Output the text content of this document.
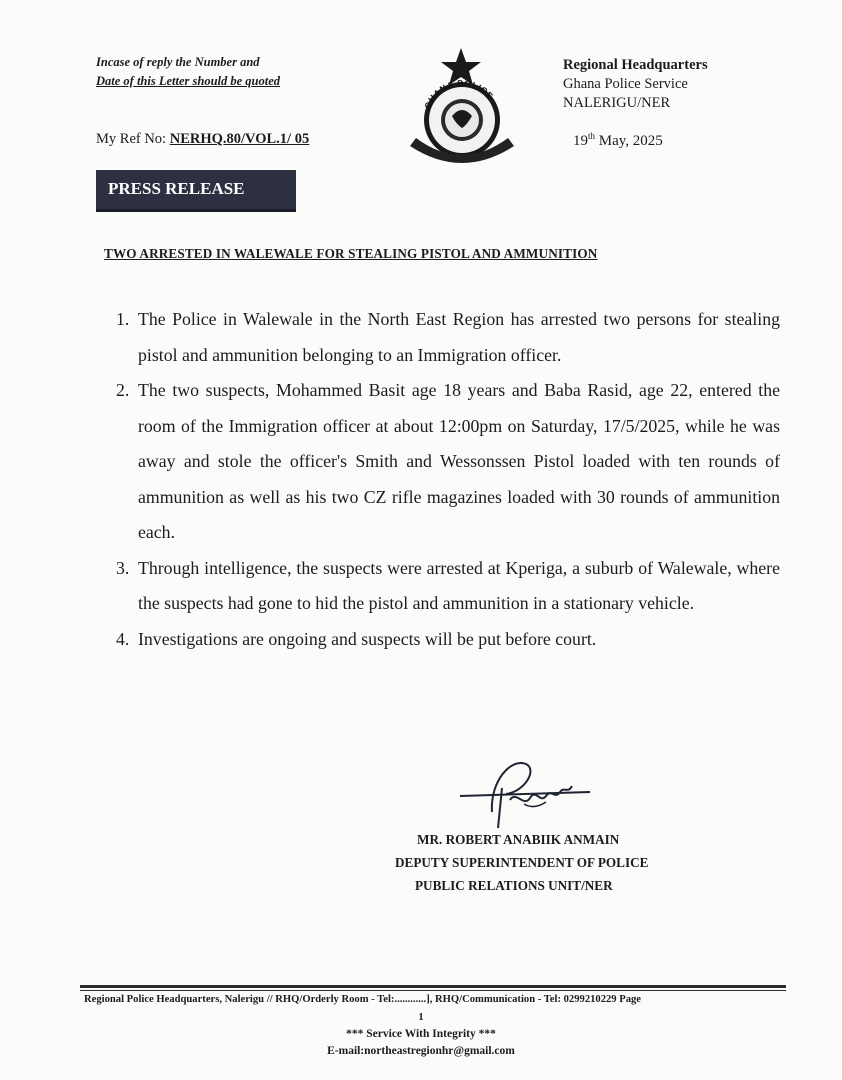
Incase of reply the Number and
Date of this Letter should be quoted
GHANA POLICE
Regional Headquarters
Ghana Police Service
NALERIGU/NER
My Ref No: NERHQ.80/VOL.1/ 05	19th May, 2025
PRESS RELEASE
TWO ARRESTED IN WALEWALE FOR STEALING PISTOL AND AMMUNITION
1. The Police in Walewale in the North East Region has arrested two persons for stealing pistol and ammunition belonging to an Immigration officer.
2. The two suspects, Mohammed Basit age 18 years and Baba Rasid, age 22, entered the room of the Immigration officer at about 12:00pm on Saturday, 17/5/2025, while he was away and stole the officer's Smith and Wessonssen Pistol loaded with ten rounds of ammunition as well as his two CZ rifle magazines loaded with 30 rounds of ammunition each.
3. Through intelligence, the suspects were arrested at Kperiga, a suburb of Walewale, where the suspects had gone to hid the pistol and ammunition in a stationary vehicle.
4. Investigations are ongoing and suspects will be put before court.
MR. ROBERT ANABIIK ANMAIN
DEPUTY SUPERINTENDENT OF POLICE
PUBLIC RELATIONS UNIT/NER
Regional Police Headquarters, Nalerigu // RHQ/Orderly Room - Tel:............], RHQ/Communication - Tel: 0299210229 Page
1
*** Service With Integrity ***
E-mail:northeastregionhr@gmail.com
